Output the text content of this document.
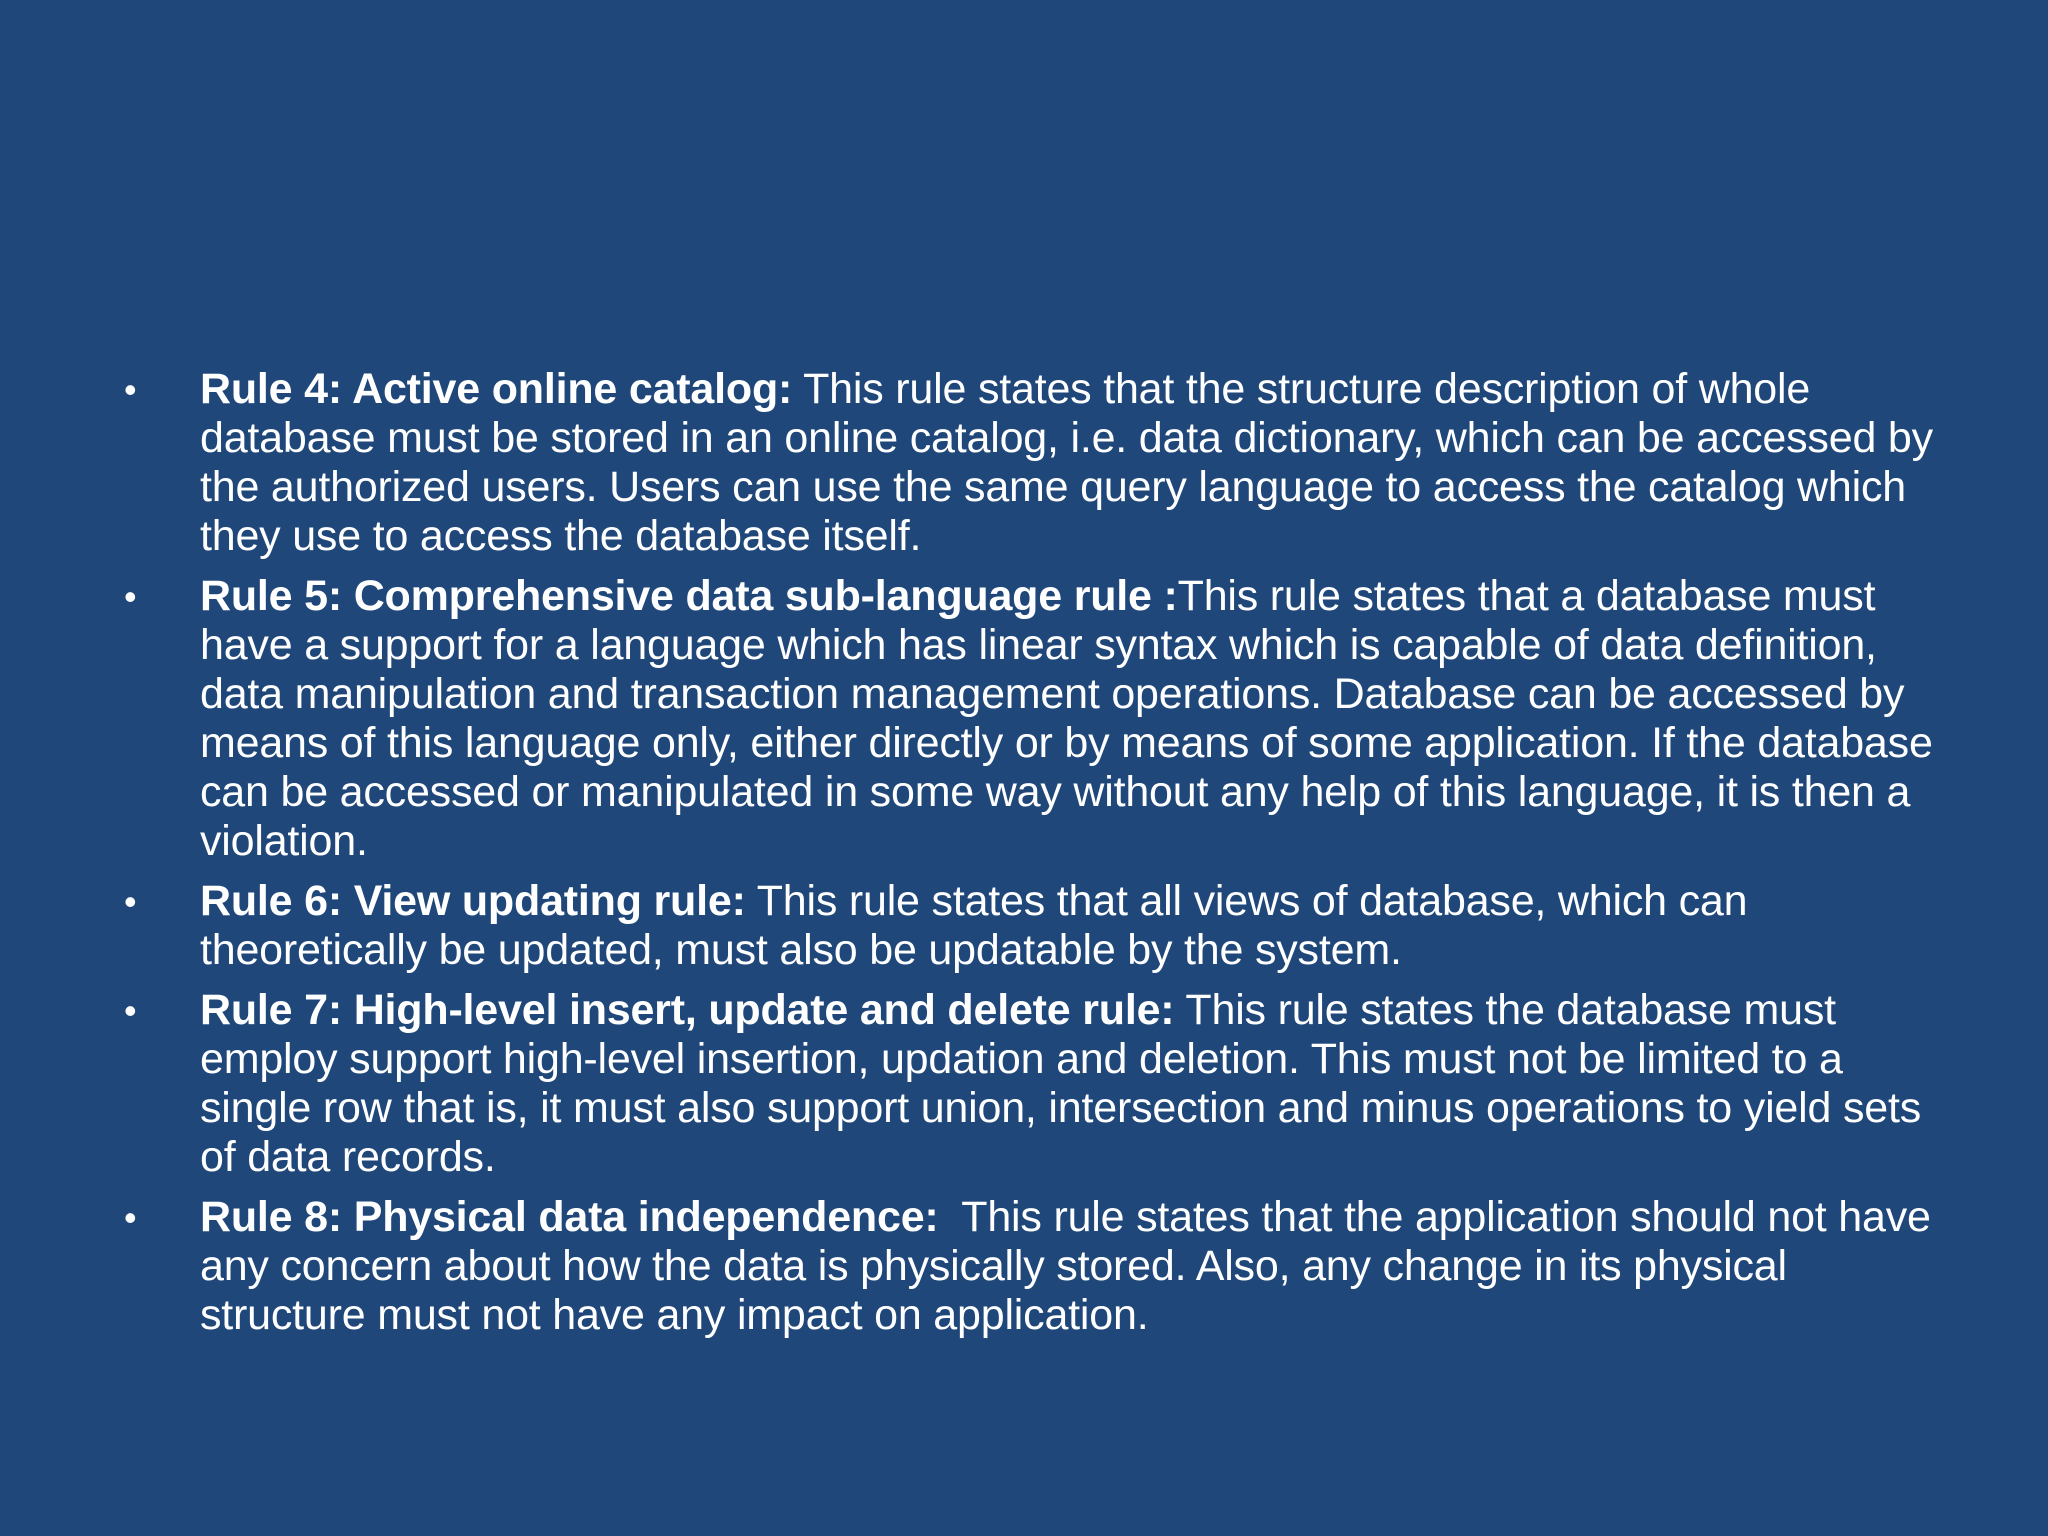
• Rule 4: Active online catalog: This rule states that the structure description of whole database must be stored in an online catalog, i.e. data dictionary, which can be accessed by the authorized users. Users can use the same query language to access the catalog which they use to access the database itself.
• Rule 5: Comprehensive data sub-language rule :This rule states that a database must have a support for a language which has linear syntax which is capable of data definition, data manipulation and transaction management operations. Database can be accessed by means of this language only, either directly or by means of some application. If the database can be accessed or manipulated in some way without any help of this language, it is then a violation.
• Rule 6: View updating rule: This rule states that all views of database, which can theoretically be updated, must also be updatable by the system.
• Rule 7: High-level insert, update and delete rule: This rule states the database must employ support high-level insertion, updation and deletion. This must not be limited to a single row that is, it must also support union, intersection and minus operations to yield sets of data records.
• Rule 8: Physical data independence:  This rule states that the application should not have any concern about how the data is physically stored. Also, any change in its physical structure must not have any impact on application.
